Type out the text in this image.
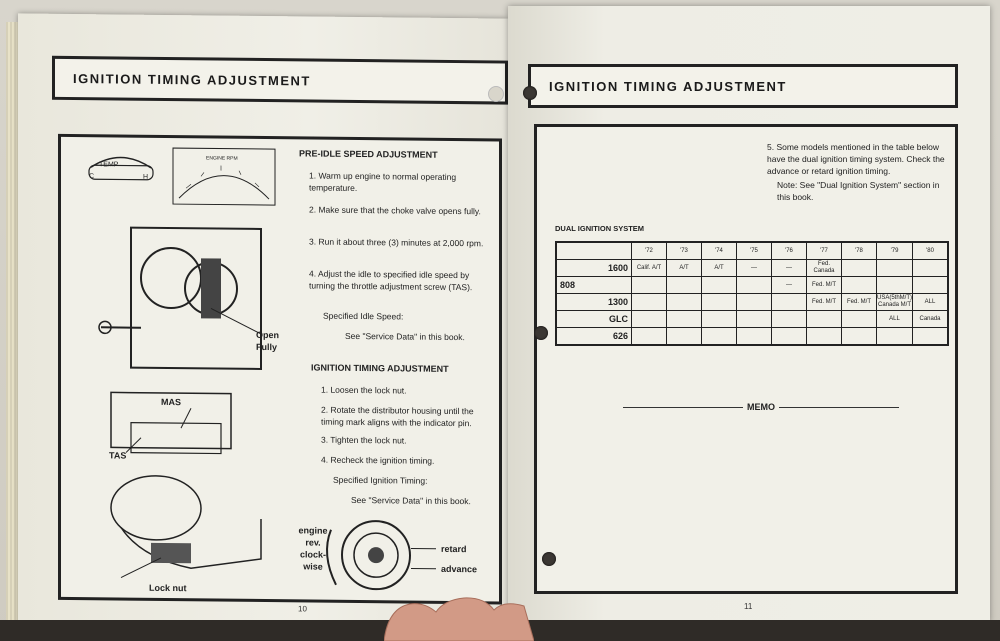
IGNITION TIMING ADJUSTMENT
TEMP
C	H
ENGINE RPM
Open Fully
MAS
TAS
Lock nut
PRE-IDLE SPEED ADJUSTMENT
1. Warm up engine to normal operating temperature.
2. Make sure that the choke valve opens fully.
3. Run it about three (3) minutes at 2,000 rpm.
4. Adjust the idle to specified idle speed by turning the throttle adjustment screw (TAS).
Specified Idle Speed:
See "Service Data" in this book.
IGNITION TIMING ADJUSTMENT
1. Loosen the lock nut.
2. Rotate the distributor housing until the timing mark aligns with the indicator pin.
3. Tighten the lock nut.
4. Recheck the ignition timing.
Specified Ignition Timing:
See "Service Data" in this book.
engine rev. clock-wise
retard
advance
10
IGNITION TIMING ADJUSTMENT
5. Some models mentioned in the table below have the dual ignition timing system. Check the advance or retard ignition timing.
Note: See "Dual Ignition System" section in this book.
DUAL IGNITION SYSTEM
	'72	'73	'74	'75	'76	'77	'78	'79	'80
1600	Calif. A/T	A/T	A/T	—	—	Fed. Canada			
808					—	Fed. M/T			
1300						Fed. M/T	Fed. M/T	USA(5thM/T) Canada M/T	ALL
GLC								ALL	Canada
626									
MEMO
11
